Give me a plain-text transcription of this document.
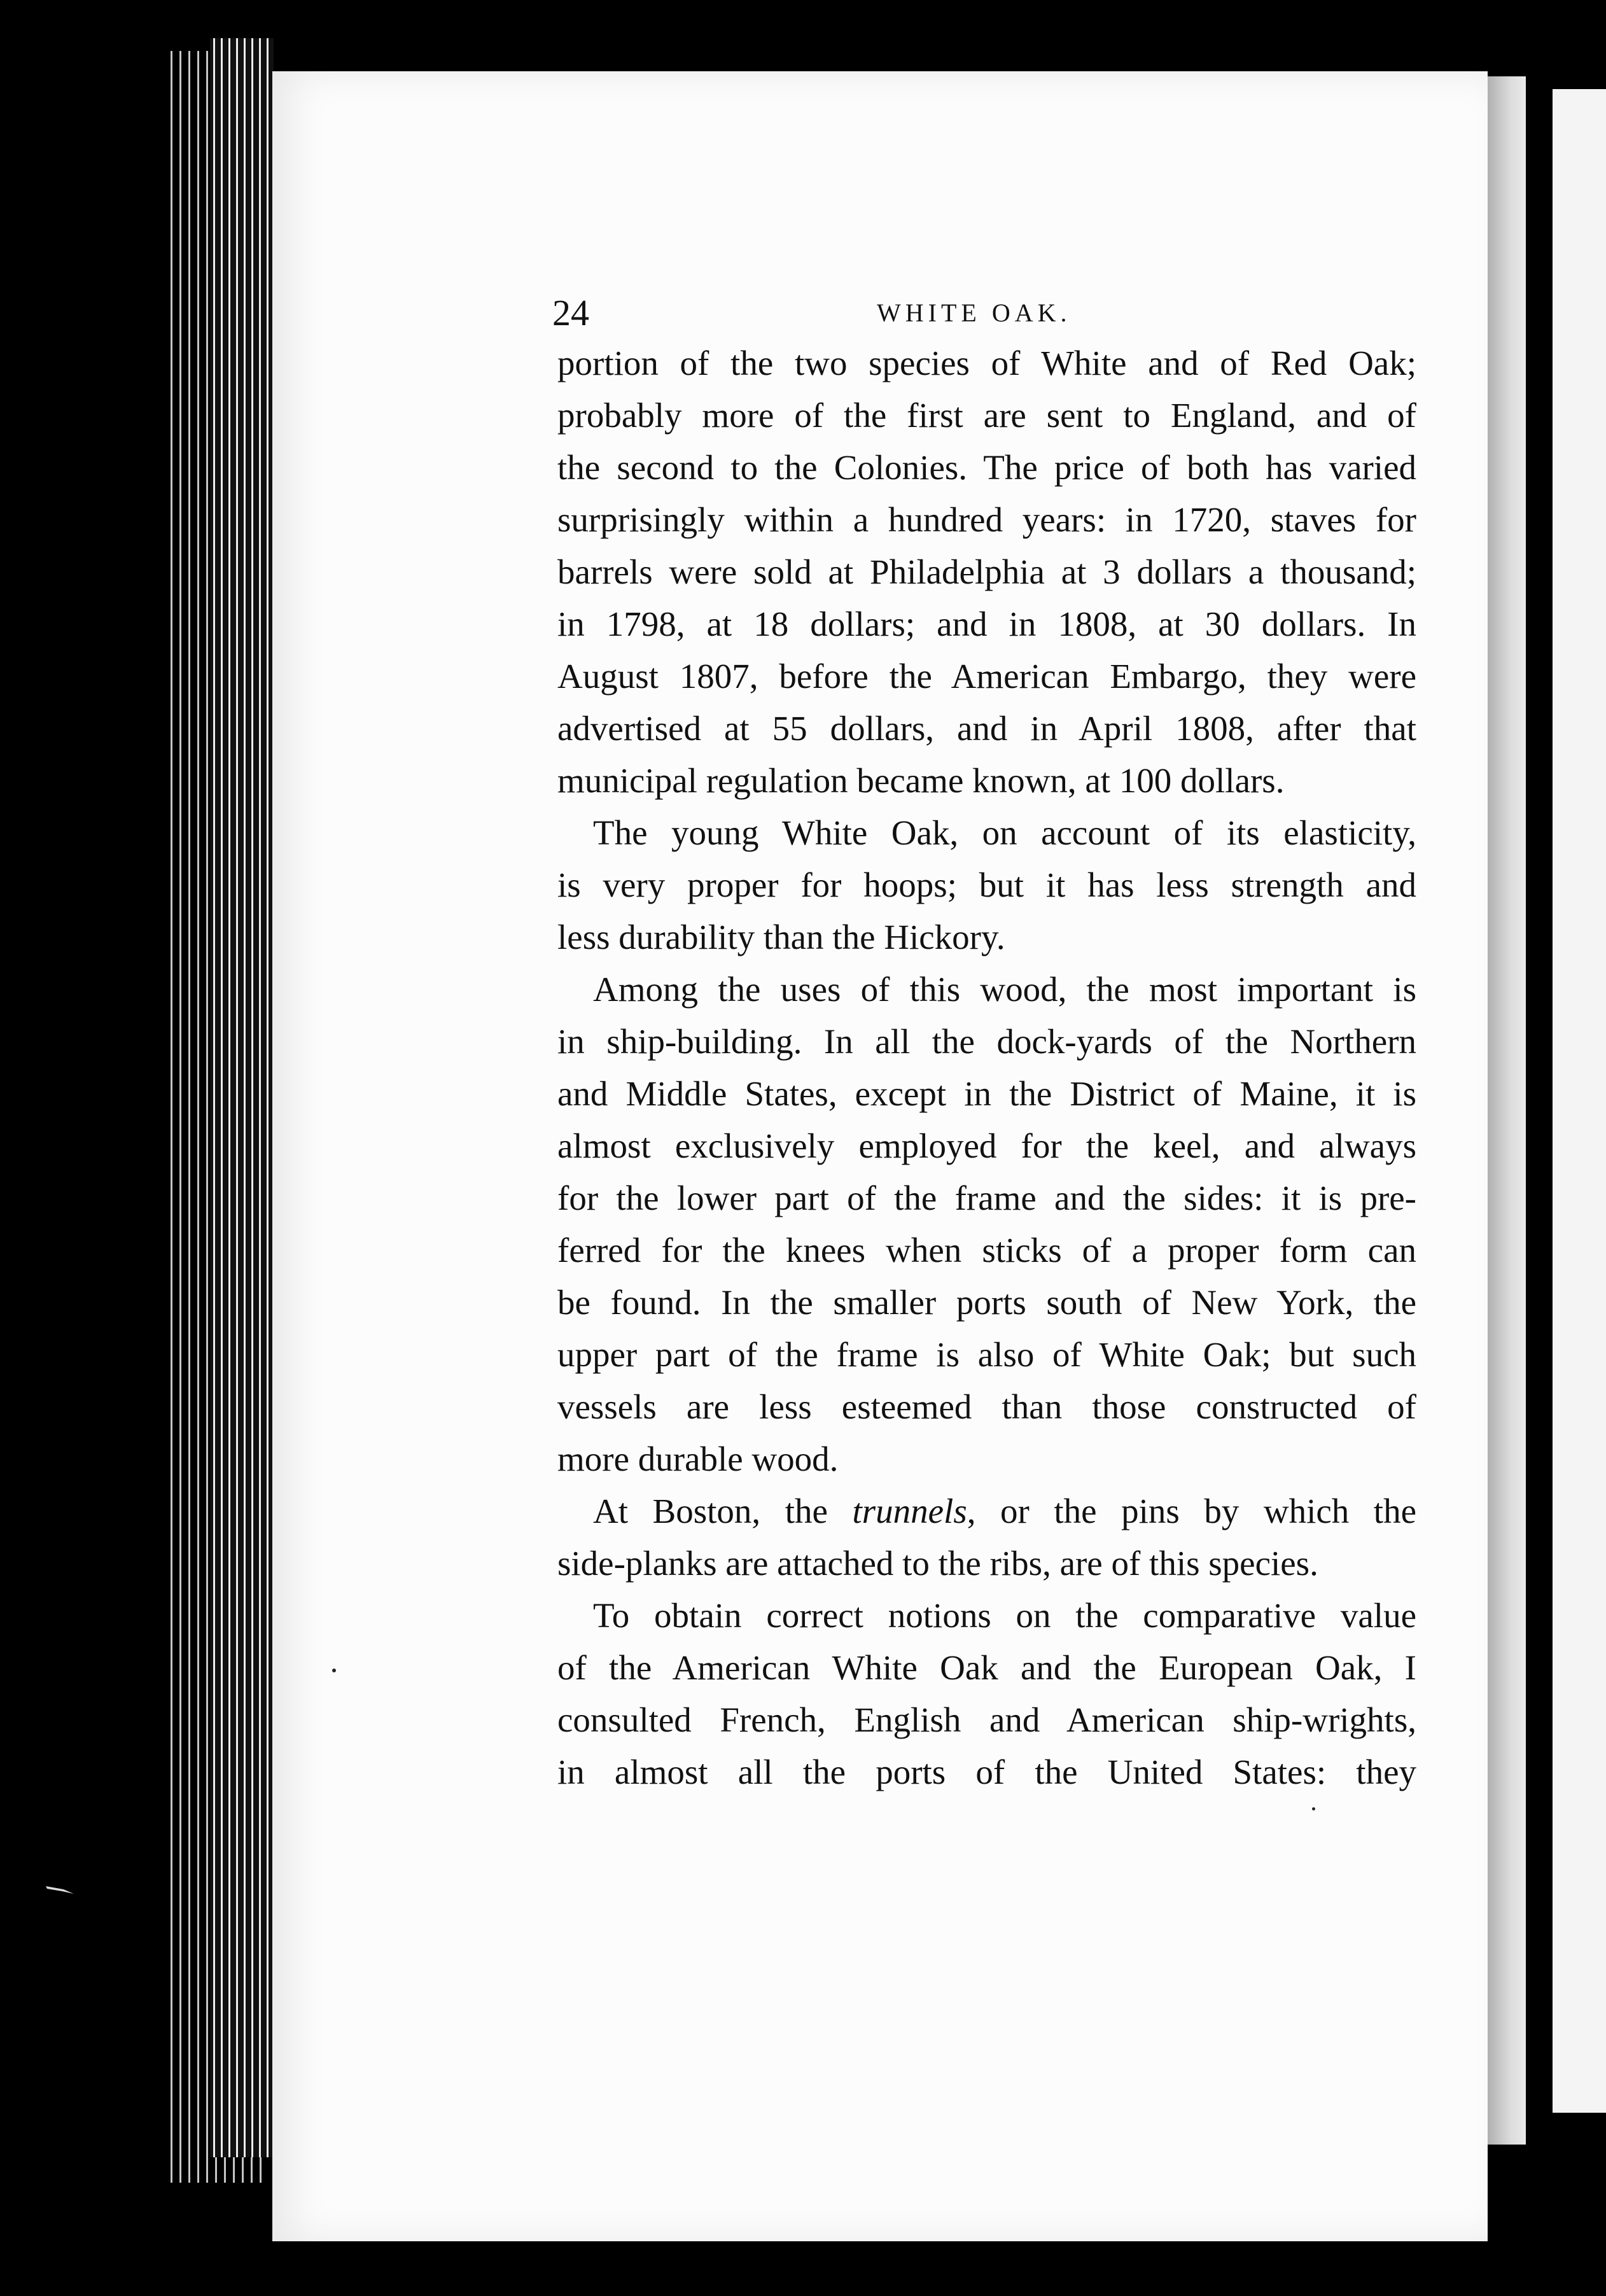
24	WHITE OAK.
portion of the two species of White and of Red Oak;
probably more of the first are sent to England, and of
the second to the Colonies. The price of both has varied
surprisingly within a hundred years: in 1720, staves for
barrels were sold at Philadelphia at 3 dollars a thousand;
in 1798, at 18 dollars; and in 1808, at 30 dollars. In
August 1807, before the American Embargo, they were
advertised at 55 dollars, and in April 1808, after that
municipal regulation became known, at 100 dollars.
The young White Oak, on account of its elasticity,
is very proper for hoops; but it has less strength and
less durability than the Hickory.
Among the uses of this wood, the most important is
in ship-building. In all the dock-yards of the Northern
and Middle States, except in the District of Maine, it is
almost exclusively employed for the keel, and always
for the lower part of the frame and the sides: it is pre-
ferred for the knees when sticks of a proper form can
be found. In the smaller ports south of New York, the
upper part of the frame is also of White Oak; but such
vessels are less esteemed than those constructed of
more durable wood.
At Boston, the trunnels, or the pins by which the
side-planks are attached to the ribs, are of this species.
To obtain correct notions on the comparative value
of the American White Oak and the European Oak, I
consulted French, English and American ship-wrights,
in almost all the ports of the United States: they
